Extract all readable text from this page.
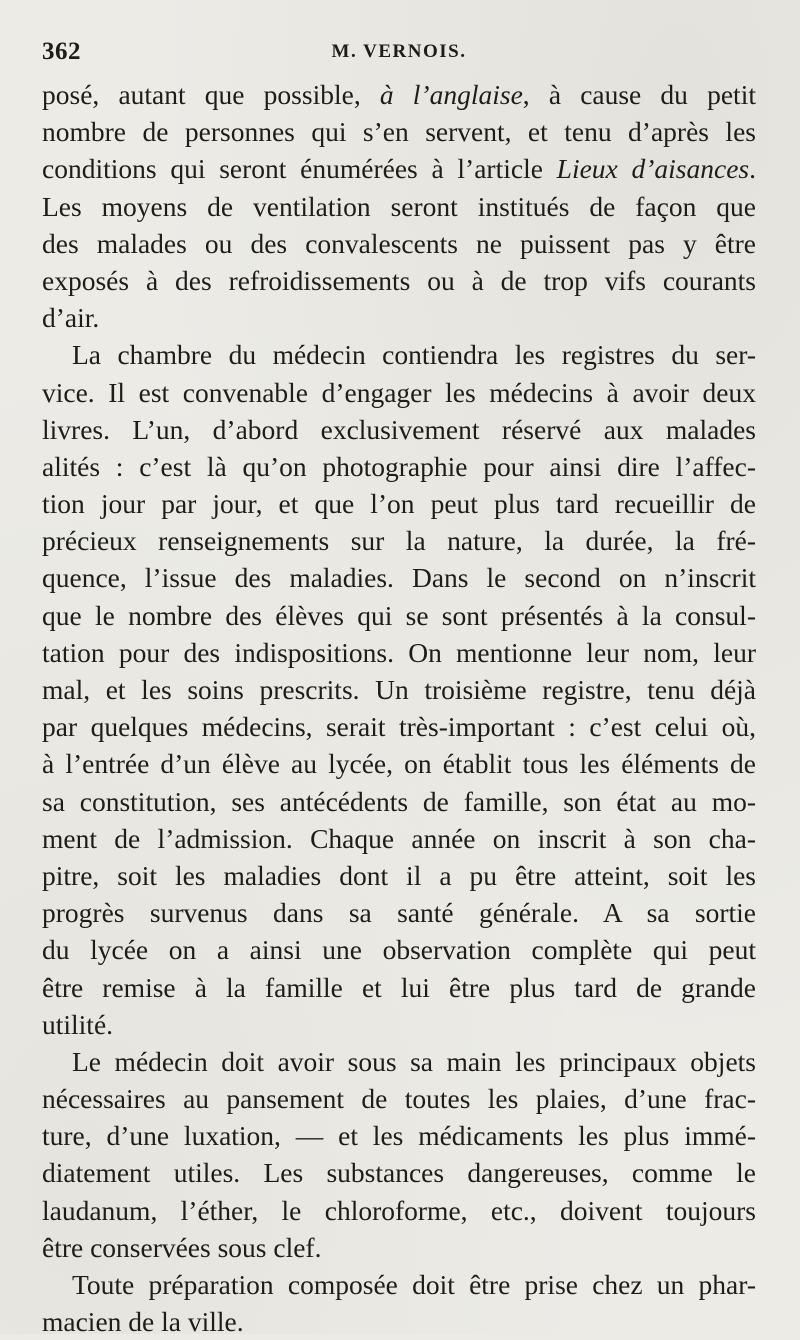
362	M. VERNOIS.
posé, autant que possible, à l’anglaise, à cause du petit
nombre de personnes qui s’en servent, et tenu d’après les
conditions qui seront énumérées à l’article Lieux d’aisances.
Les moyens de ventilation seront institués de façon que
des malades ou des convalescents ne puissent pas y être
exposés à des refroidissements ou à de trop vifs courants
d’air.
La chambre du médecin contiendra les registres du ser-
vice. Il est convenable d’engager les médecins à avoir deux
livres. L’un, d’abord exclusivement réservé aux malades
alités : c’est là qu’on photographie pour ainsi dire l’affec-
tion jour par jour, et que l’on peut plus tard recueillir de
précieux renseignements sur la nature, la durée, la fré-
quence, l’issue des maladies. Dans le second on n’inscrit
que le nombre des élèves qui se sont présentés à la consul-
tation pour des indispositions. On mentionne leur nom, leur
mal, et les soins prescrits. Un troisième registre, tenu déjà
par quelques médecins, serait très-important : c’est celui où,
à l’entrée d’un élève au lycée, on établit tous les éléments de
sa constitution, ses antécédents de famille, son état au mo-
ment de l’admission. Chaque année on inscrit à son cha-
pitre, soit les maladies dont il a pu être atteint, soit les
progrès survenus dans sa santé générale. A sa sortie
du lycée on a ainsi une observation complète qui peut
être remise à la famille et lui être plus tard de grande
utilité.
Le médecin doit avoir sous sa main les principaux objets
nécessaires au pansement de toutes les plaies, d’une frac-
ture, d’une luxation, — et les médicaments les plus immé-
diatement utiles. Les substances dangereuses, comme le
laudanum, l’éther, le chloroforme, etc., doivent toujours
être conservées sous clef.
Toute préparation composée doit être prise chez un phar-
macien de la ville.
